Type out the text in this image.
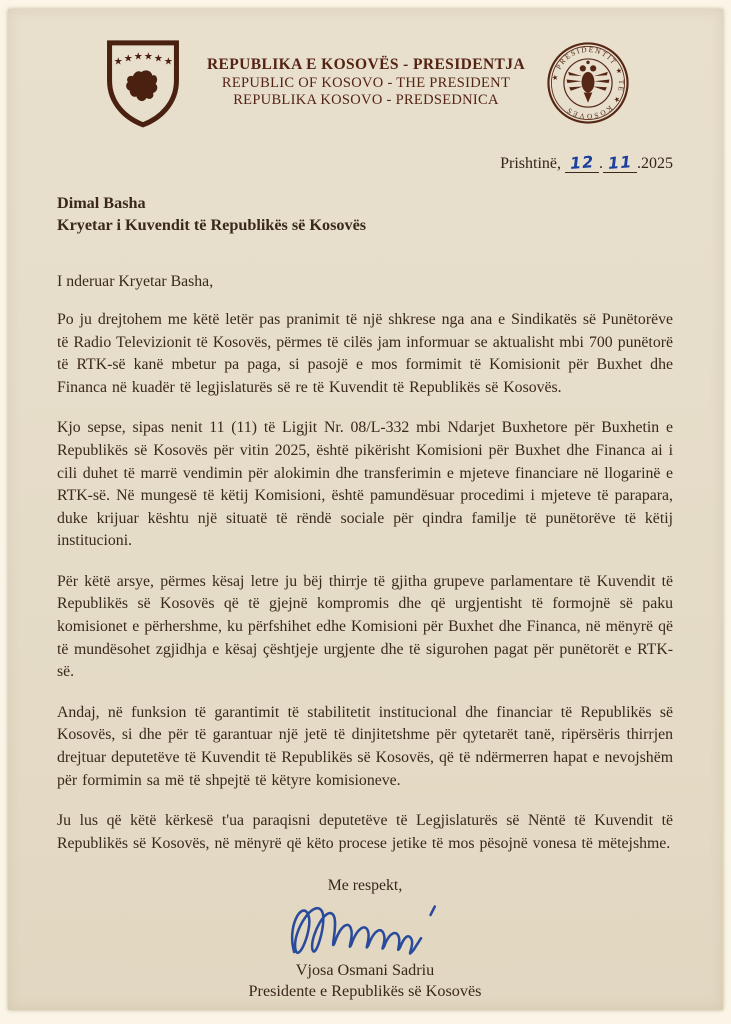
★ ★ ★ ★ ★ ★ REPUBLIKA E KOSOVËS - PRESIDENTJA
REPUBLIC OF KOSOVO - THE PRESIDENT
REPUBLIKA KOSOVO - PREDSEDNICA
★ PRESIDENTIT ★ TË ★ KOSOVËS
Prishtinë, 12 . 11 .2025
Dimal Basha
Kryetar i Kuvendit të Republikës së Kosovës
I nderuar Kryetar Basha,

Po ju drejtohem me këtë letër pas pranimit të një shkrese nga ana e Sindikatës së Punëtorëve të Radio Televizionit të Kosovës, përmes të cilës jam informuar se aktualisht mbi 700 punëtorë të RTK-së kanë mbetur pa paga, si pasojë e mos formimit të Komisionit për Buxhet dhe Financa në kuadër të legjislaturës së re të Kuvendit të Republikës së Kosovës.

Kjo sepse, sipas nenit 11 (11) të Ligjit Nr. 08/L-332 mbi Ndarjet Buxhetore për Buxhetin e Republikës së Kosovës për vitin 2025, është pikërisht Komisioni për Buxhet dhe Financa ai i cili duhet të marrë vendimin për alokimin dhe transferimin e mjeteve financiare në llogarinë e RTK-së. Në mungesë të këtij Komisioni, është pamundësuar procedimi i mjeteve të parapara, duke krijuar kështu një situatë të rëndë sociale për qindra familje të punëtorëve të këtij institucioni.

Për këtë arsye, përmes kësaj letre ju bëj thirrje të gjitha grupeve parlamentare të Kuvendit të Republikës së Kosovës që të gjejnë kompromis dhe që urgjentisht të formojnë së paku komisionet e përhershme, ku përfshihet edhe Komisioni për Buxhet dhe Financa, në mënyrë që të mundësohet zgjidhja e kësaj çështjeje urgjente dhe të sigurohen pagat për punëtorët e RTK-së.

Andaj, në funksion të garantimit të stabilitetit institucional dhe financiar të Republikës së Kosovës, si dhe për të garantuar një jetë të dinjitetshme për qytetarët tanë, ripërsëris thirrjen drejtuar deputetëve të Kuvendit të Republikës së Kosovës, që të ndërmerren hapat e nevojshëm për formimin sa më të shpejtë të këtyre komisioneve.

Ju lus që këtë kërkesë t'ua paraqisni deputetëve të Legjislaturës së Nëntë të Kuvendit të Republikës së Kosovës, në mënyrë që këto procese jetike të mos pësojnë vonesa të mëtejshme.

Me respekt,
Vjosa Osmani Sadriu
Presidente e Republikës së Kosovës
